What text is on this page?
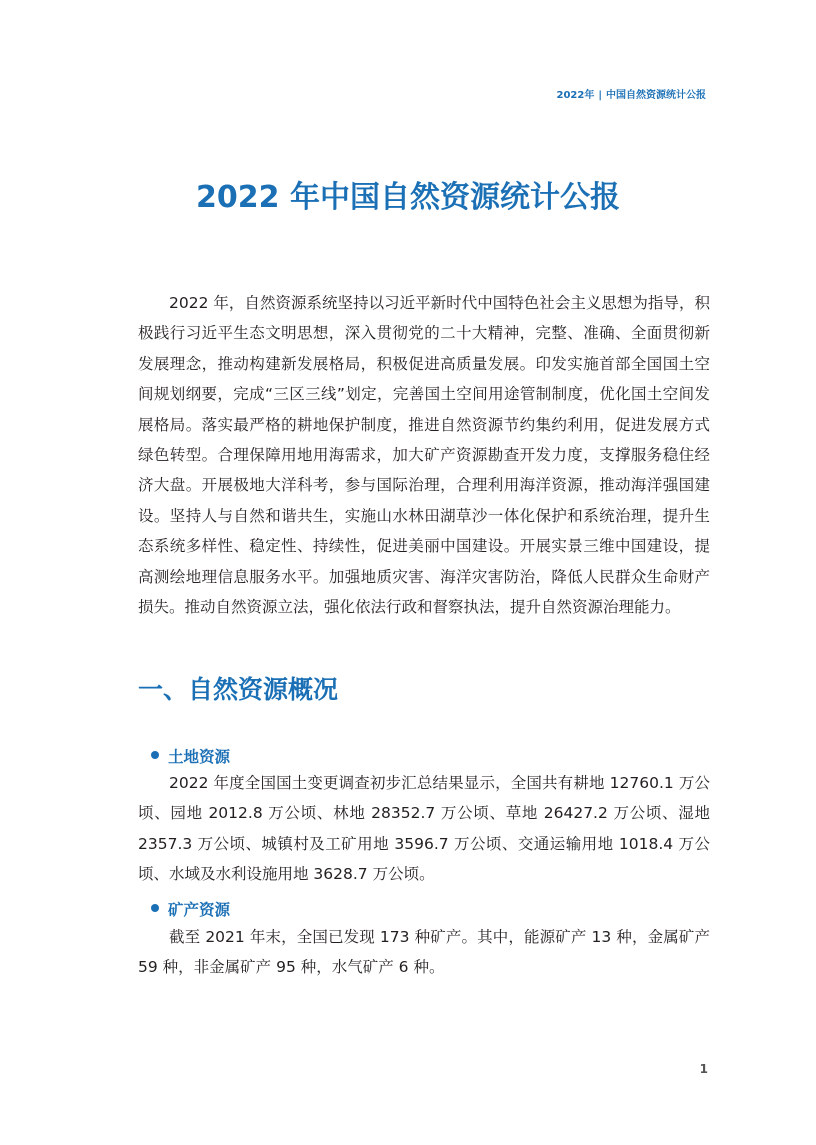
2022年 | 中国自然资源统计公报
2022 年中国自然资源统计公报

2022 年，自然资源系统坚持以习近平新时代中国特色社会主义思想为指导，积极践行习近平生态文明思想，深入贯彻党的二十大精神，完整、准确、全面贯彻新发展理念，推动构建新发展格局，积极促进高质量发展。印发实施首部全国国土空间规划纲要，完成“三区三线”划定，完善国土空间用途管制制度，优化国土空间发展格局。落实最严格的耕地保护制度，推进自然资源节约集约利用，促进发展方式绿色转型。合理保障用地用海需求，加大矿产资源勘查开发力度，支撑服务稳住经济大盘。开展极地大洋科考，参与国际治理，合理利用海洋资源，推动海洋强国建设。坚持人与自然和谐共生，实施山水林田湖草沙一体化保护和系统治理，提升生态系统多样性、稳定性、持续性，促进美丽中国建设。开展实景三维中国建设，提高测绘地理信息服务水平。加强地质灾害、海洋灾害防治，降低人民群众生命财产损失。推动自然资源立法，强化依法行政和督察执法，提升自然资源治理能力。

一、自然资源概况
土地资源

2022 年度全国国土变更调查初步汇总结果显示，全国共有耕地 12760.1 万公顷、园地 2012.8 万公顷、林地 28352.7 万公顷、草地 26427.2 万公顷、湿地 2357.3 万公顷、城镇村及工矿用地 3596.7 万公顷、交通运输用地 1018.4 万公顷、水域及水利设施用地 3628.7 万公顷。

矿产资源

截至 2021 年末，全国已发现 173 种矿产。其中，能源矿产 13 种，金属矿产 59 种，非金属矿产 95 种，水气矿产 6 种。

1
